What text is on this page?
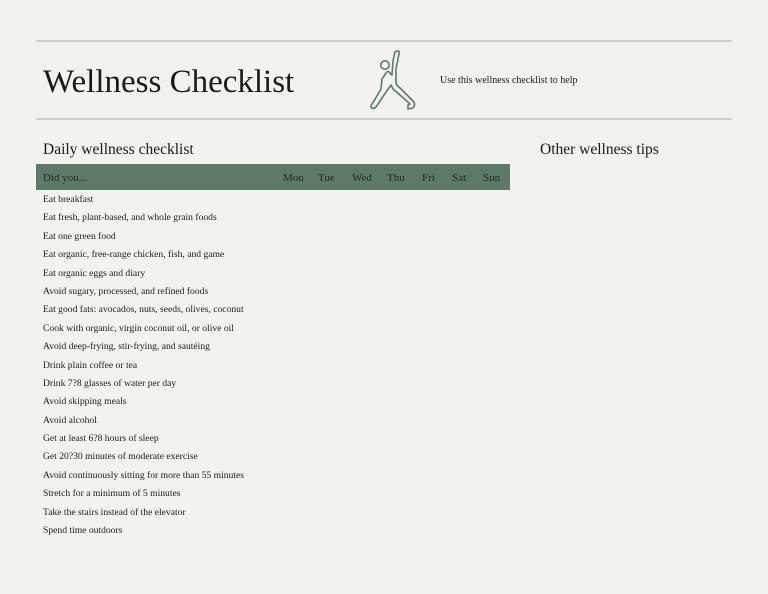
Wellness Checklist	Use this wellness checklist to help
Daily wellness checklist	Other wellness tips
Did you...	Mon Tue Wed Thu Fri Sat Sun
Eat breakfast
Eat fresh, plant-based, and whole grain foods
Eat one green food
Eat organic, free-range chicken, fish, and game
Eat organic eggs and diary
Avoid sugary, processed, and refined foods
Eat good fats: avocados, nuts, seeds, olives, coconut
Cook with organic, virgin coconut oil, or olive oil
Avoid deep-frying, stir-frying, and sautéing
Drink plain coffee or tea
Drink 7?8 glasses of water per day
Avoid skipping meals
Avoid alcohol
Get at least 6?8 hours of sleep
Get 20?30 minutes of moderate exercise
Avoid continuously sitting for more than 55 minutes
Stretch for a minimum of 5 minutes
Take the stairs instead of the elevator
Spend time outdoors
